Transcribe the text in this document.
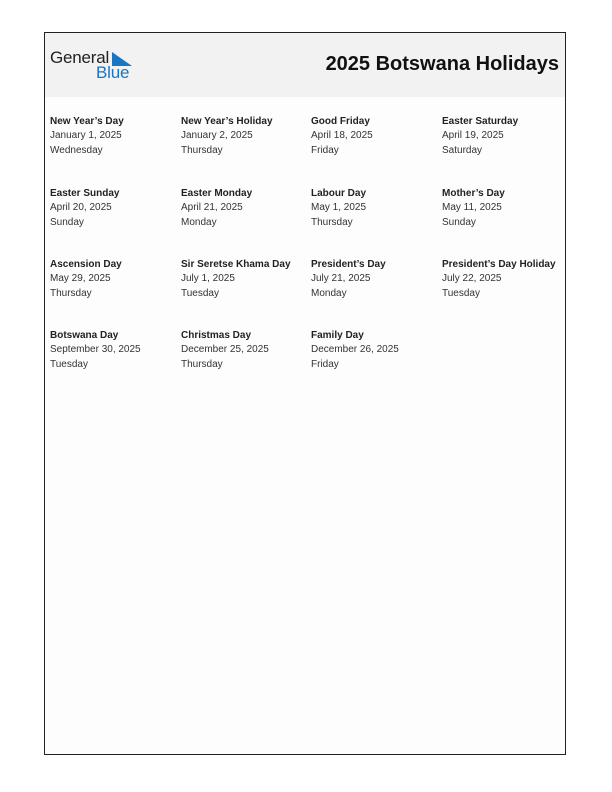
General
Blue	2025 Botswana Holidays
New Year’s Day
January 1, 2025
Wednesday
New Year’s Holiday
January 2, 2025
Thursday
Good Friday
April 18, 2025
Friday
Easter Saturday
April 19, 2025
Saturday
Easter Sunday
April 20, 2025
Sunday
Easter Monday
April 21, 2025
Monday
Labour Day
May 1, 2025
Thursday
Mother’s Day
May 11, 2025
Sunday
Ascension Day
May 29, 2025
Thursday
Sir Seretse Khama Day
July 1, 2025
Tuesday
President’s Day
July 21, 2025
Monday
President’s Day Holiday
July 22, 2025
Tuesday
Botswana Day
September 30, 2025
Tuesday
Christmas Day
December 25, 2025
Thursday
Family Day
December 26, 2025
Friday
